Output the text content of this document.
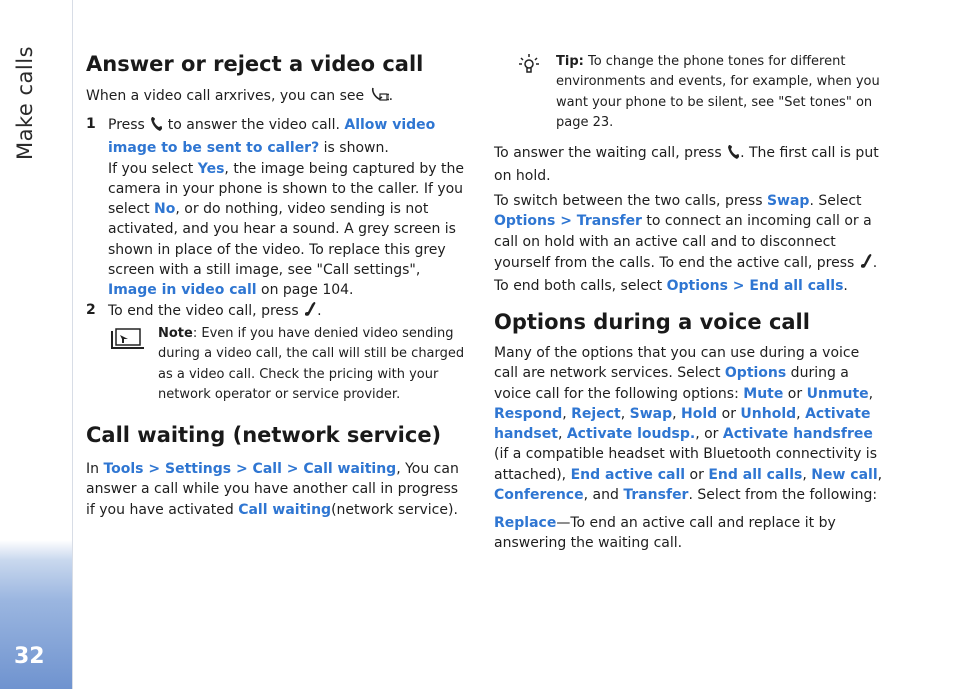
Make calls
32
Answer or reject a video call

When a video call arxrives, you can see .

1 Press  to answer the video call. Allow video image to be sent to caller? is shown.
If you select Yes, the image being captured by the camera in your phone is shown to the caller. If you select No, or do nothing, video sending is not activated, and you hear a sound. A grey screen is shown in place of the video. To replace this grey screen with a still image, see "Call settings", Image in video call on page 104.

2 To end the video call, press .

Note: Even if you have denied video sending during a video call, the call will still be charged as a video call. Check the pricing with your network operator or service provider.

Call waiting (network service)

In Tools > Settings > Call > Call waiting, You can answer a call while you have another call in progress if you have activated Call waiting(network service).

Tip: To change the phone tones for different environments and events, for example, when you want your phone to be silent, see "Set tones" on page 23.

To answer the waiting call, press . The first call is put on hold.

To switch between the two calls, press Swap. Select Options > Transfer to connect an incoming call or a call on hold with an active call and to disconnect yourself from the calls. To end the active call, press . To end both calls, select Options > End all calls.

Options during a voice call

Many of the options that you can use during a voice call are network services. Select Options during a voice call for the following options: Mute or Unmute, Respond, Reject, Swap, Hold or Unhold, Activate handset, Activate loudsp., or Activate handsfree (if a compatible headset with Bluetooth connectivity is attached), End active call or End all calls, New call, Conference, and Transfer. Select from the following:

Replace—To end an active call and replace it by answering the waiting call.
